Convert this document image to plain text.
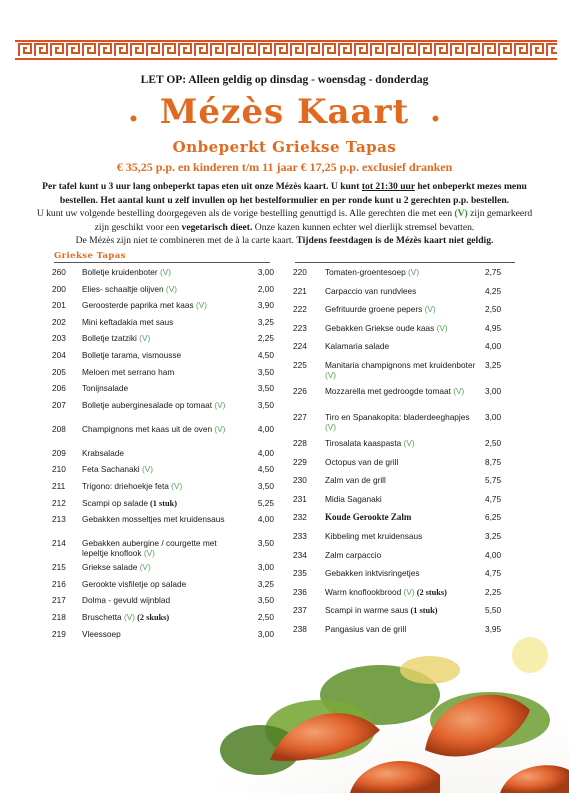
LET OP: Alleen geldig op dinsdag - woensdag - donderdag
• Mézès Kaart •
Onbeperkt Griekse Tapas
€ 35,25 p.p. en kinderen t/m 11 jaar € 17,25 p.p. exclusief dranken
Per tafel kunt u 3 uur lang onbeperkt tapas eten uit onze Mézès kaart. U kunt tot 21:30 uur het onbeperkt mezes menu
bestellen. Het aantal kunt u zelf invullen op het bestelformulier en per ronde kunt u 2 gerechten p.p. bestellen.
U kunt uw volgende bestelling doorgegeven als de vorige bestelling genuttigd is. Alle gerechten die met een (V) zijn gemarkeerd
zijn geschikt voor een vegetarisch dieet. Onze kazen kunnen echter wel dierlijk stremsel bevatten.
De Mézès zijn niet te combineren met de à la carte kaart. Tijdens feestdagen is de Mézès kaart niet geldig.
Griekse Tapas
260	Bolletje kruidenboter (V)	3,00
200	Elies- schaaltje olijven (V)	2,00
201	Geroosterde paprika met kaas (V)	3,90
202	Mini keftadakia met saus	3,25
203	Bolletje tzatziki (V)	2,25
204	Bolletje tarama, vismousse	4,50
205	Meloen met serrano ham	3,50
206	Tonijnsalade	3,50
207	Bolletje auberginesalade op tomaat (V)	3,50
208	Champignons met kaas uit de oven (V)	4,00
209	Krabsalade	4,00
210	Feta Sachanaki (V)	4,50
211	Trigono: driehoekje feta (V)	3,50
212	Scampi op salade (1 stuk)	5,25
213	Gebakken mosseltjes met kruidensaus	4,00
214	Gebakken aubergine / courgette met lepeltje knoflook (V)
3,50
215	Griekse salade (V)	3,00
216	Gerookte visfiletje op salade	3,25
217	Dolma - gevuld wijnblad	3,50
218	Bruschetta (V) (2 skuks)	2,50
219	Vleessoep	3,00
220	Tomaten-groentesoep (V)	2,75
221	Carpaccio van rundvlees	4,25
222	Gefrituurde groene pepers (V)	2,50
223	Gebakken Griekse oude kaas (V)	4,95
224	Kalamaria salade	4,00
225	Manitaria champignons met kruidenboter (V)
3,25
226	Mozzarella met gedroogde tomaat (V)	3,00
227	Tiro en Spanakopita: bladerdeeghapjes (V)
3,00
228	Tirosalata kaaspasta (V)	2,50
229	Octopus van de grill	8,75
230	Zalm van de grill	5,75
231	Midia Saganaki	4,75
232	Koude Gerookte Zalm	6,25
233	Kibbeling met kruidensaus	3,25
234	Zalm carpaccio	4,00
235	Gebakken inktvisringetjes	4,75
236	Warm knoflookbrood (V) (2 stuks)	2,25
237	Scampi in warme saus (1 stuk)	5,50
238	Pangasius van de grill	3,95
